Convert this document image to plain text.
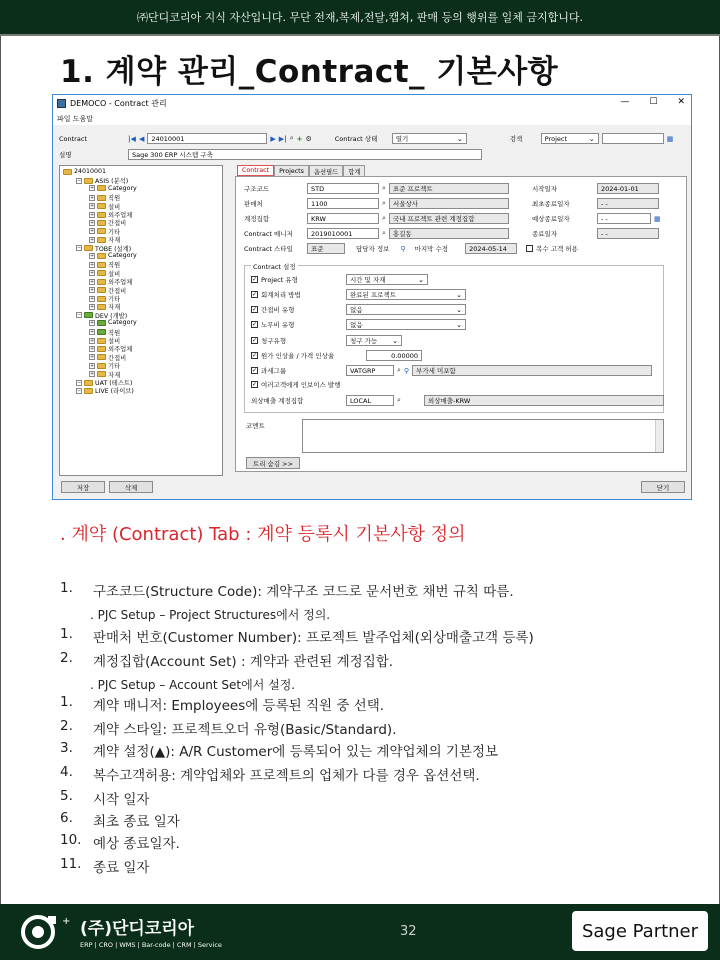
㈜단디코리아 지식 자산입니다. 무단 전재,복제,전달,캡쳐, 판매 등의 행위를 일체 금지합니다.
1. 계약 관리_Contract_ 기본사항
DEMOCO - Contract 관리	— ☐ ✕
파일 도움말
Contract	|◀ ◀	24010001	▶ ▶| ⌕ + ⚙	Contract 상태	열기 ⌄	검색	Project ⌄	▦
설명	Sage 300 ERP 시스템 구축
24010001
− ASIS (분석)
+ Category
+ 직원
+ 설비
+ 외주업체
+ 간접비
+ 기타
+ 자재
− TOBE (설계)
+ Category
+ 직원
+ 설비
+ 외주업체
+ 간접비
+ 기타
+ 자재
− DEV (개발)
+ Category
+ 직원
+ 설비
+ 외주업체
+ 간접비
+ 기타
+ 자재
− UAT (테스트)
− LIVE (라이브)
Contract	Projects	옵션필드	합계
구조코드	STD	⌕	표준 프로젝트
판매처	1100	⌕	서울상사
계정집합	KRW	⌕	국내 프로젝트 관련 계정집합
Contract 매니저	2019010001	⌕	홍길동
Contract 스타일	표준	담당자 정보 ⚲ 마지막 수정	2024-05-14	복수 고객 허용
시작일자	2024-01-01
최초종료일자	- -
예상종료일자	- -	▦
종료일자	- -
Contract 설정
✓ Project 유형	시간 및 자재 ⌄
✓ 회계처리 방법	완료된 프로젝트 ⌄
✓ 간접비 유형	없음 ⌄
✓ 노무비 유형	없음 ⌄
✓ 청구유형	청구 가능 ⌄
✓ 원가 인상율 / 가격 인상율	0.00000
✓ 과세그룹	VATGRP	⌕ ⚲	부가세 미포함
✓ 여러고객에게 인보이스 발행
외상매출 계정집합	LOCAL	⌕	외상매출-KRW
코멘트
트리 숨김 >>
저장	삭제	닫기
. 계약 (Contract) Tab : 계약 등록시 기본사항 정의
1.	구조코드(Structure Code): 계약구조 코드로 문서번호 채번 규칙 따름.
. PJC Setup – Project Structures에서 정의.
1.	판매처 번호(Customer Number): 프로젝트 발주업체(외상매출고객 등록)
2.	계정집합(Account Set) : 계약과 관련된 계정집합.
. PJC Setup – Account Set에서 설정.
1.	계약 매니저: Employees에 등록된 직원 중 선택.
2.	계약 스타일: 프로젝트오더 유형(Basic/Standard).
3.	계약 설정(▲): A/R Customer에 등록되어 있는 계약업체의 기본정보
4.	복수고객허용: 계약업체와 프로젝트의 업체가 다를 경우 옵션선택.
5.	시작 일자
6.	최초 종료 일자
10. 예상 종료일자.
11. 종료 일자
+ (주)단디코리아
ERP | CRO | WMS | Bar-code | CRM | Service
32	Sage Partner
